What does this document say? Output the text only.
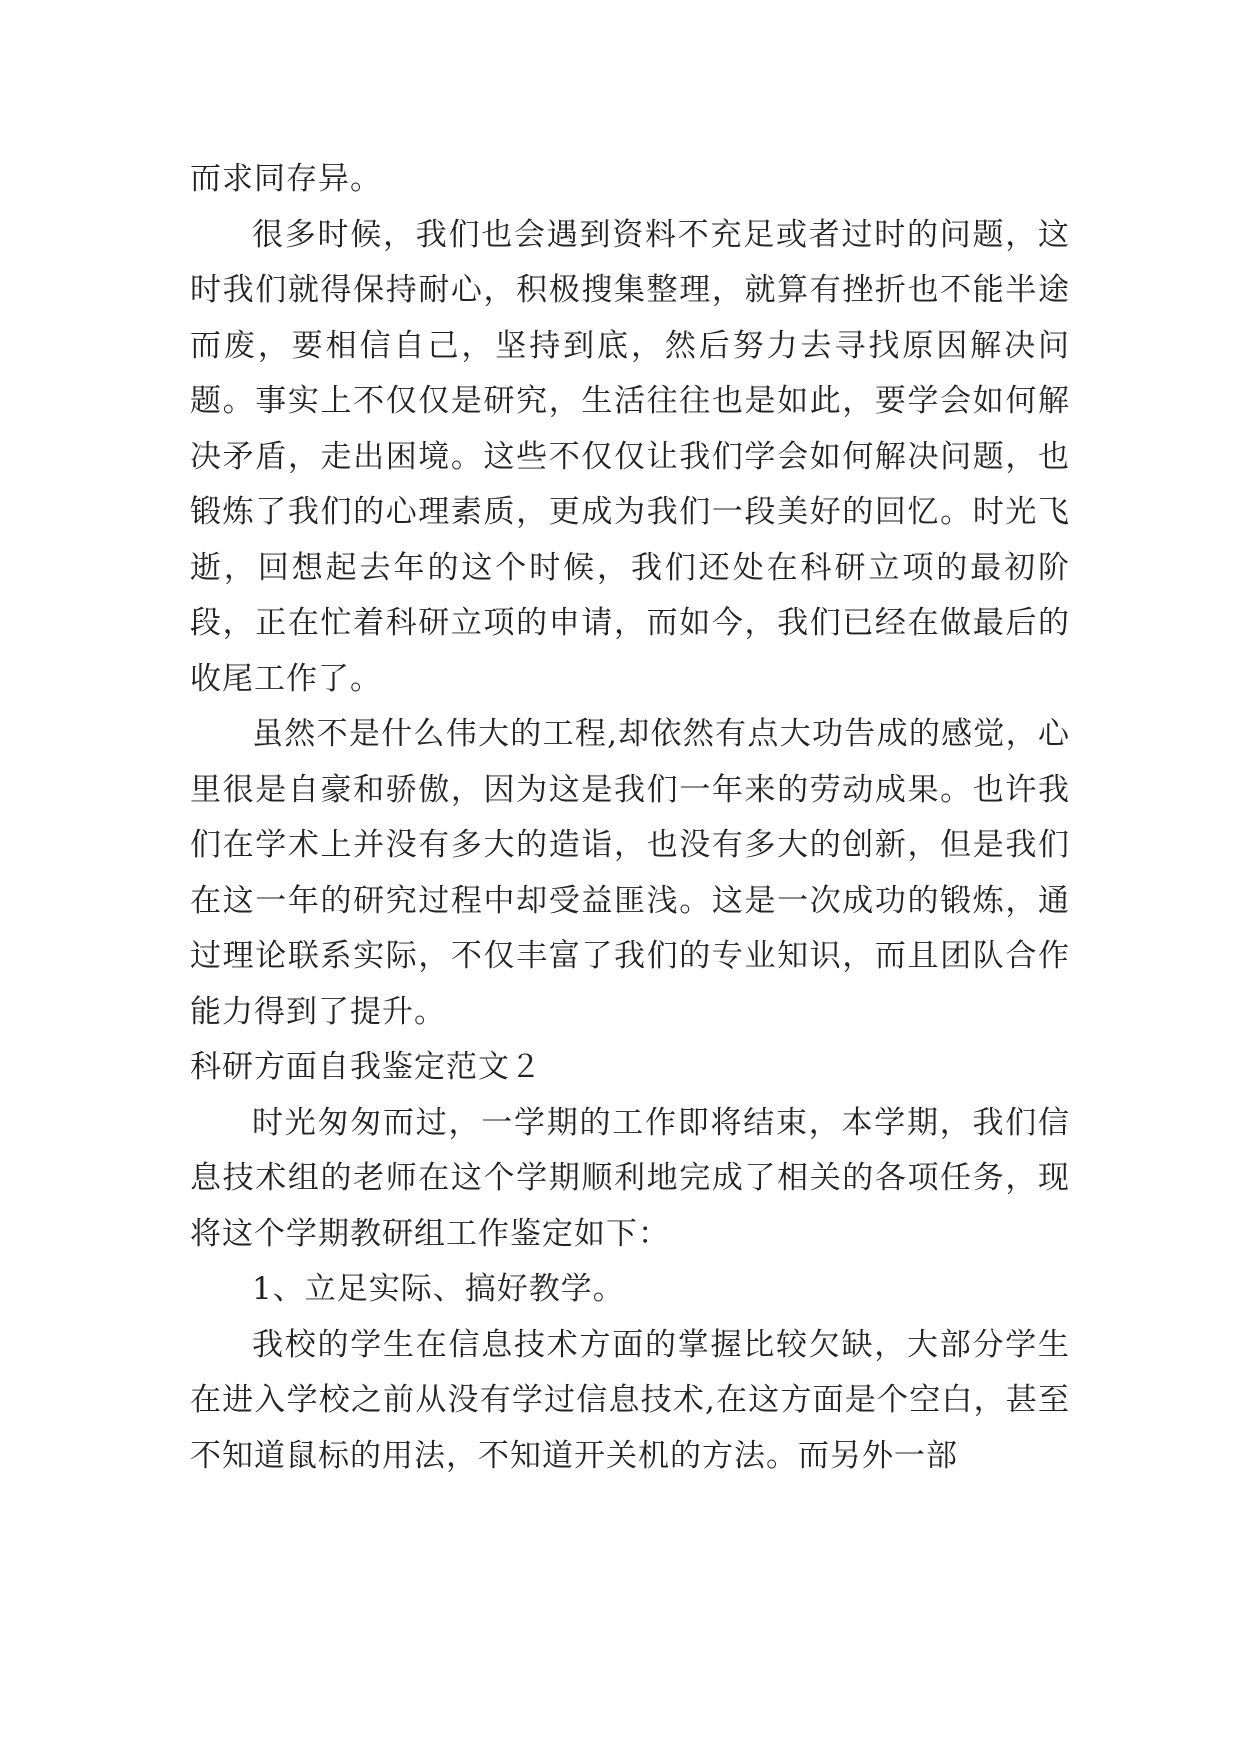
而求同存异。

很多时候，我们也会遇到资料不充足或者过时的问题，这时我们就得保持耐心，积极搜集整理，就算有挫折也不能半途而废，要相信自己，坚持到底，然后努力去寻找原因解决问题。事实上不仅仅是研究，生活往往也是如此，要学会如何解决矛盾，走出困境。这些不仅仅让我们学会如何解决问题，也锻炼了我们的心理素质，更成为我们一段美好的回忆。时光飞逝，回想起去年的这个时候，我们还处在科研立项的最初阶段，正在忙着科研立项的申请，而如今，我们已经在做最后的收尾工作了。

虽然不是什么伟大的工程,却依然有点大功告成的感觉，心里很是自豪和骄傲，因为这是我们一年来的劳动成果。也许我们在学术上并没有多大的造诣，也没有多大的创新，但是我们在这一年的研究过程中却受益匪浅。这是一次成功的锻炼，通过理论联系实际，不仅丰富了我们的专业知识，而且团队合作能力得到了提升。

科研方面自我鉴定范文２

时光匆匆而过，一学期的工作即将结束，本学期，我们信息技术组的老师在这个学期顺利地完成了相关的各项任务，现将这个学期教研组工作鉴定如下：

1、立足实际、搞好教学。

我校的学生在信息技术方面的掌握比较欠缺，大部分学生在进入学校之前从没有学过信息技术,在这方面是个空白，甚至不知道鼠标的用法，不知道开关机的方法。而另外一部
